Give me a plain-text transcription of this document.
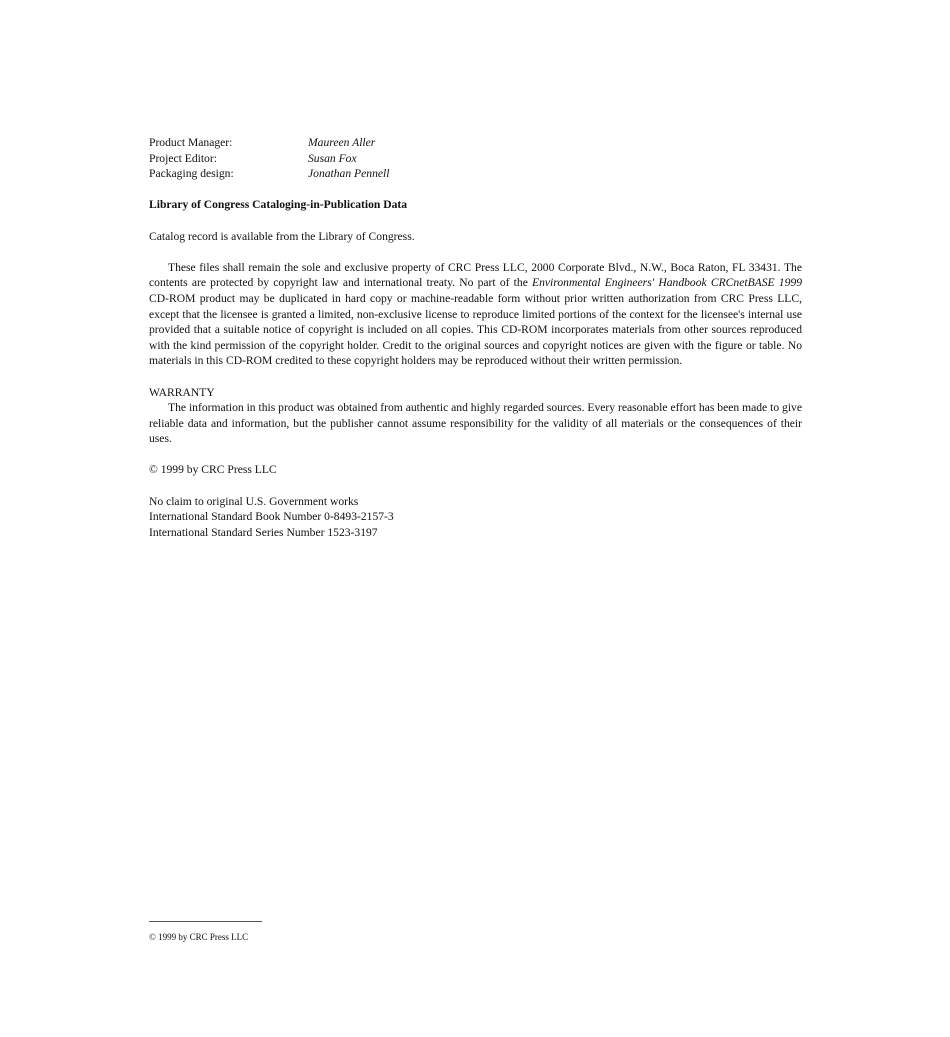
Product Manager:	Maureen Aller
Project Editor:	Susan Fox
Packaging design:	Jonathan Pennell

Library of Congress Cataloging-in-Publication Data

Catalog record is available from the Library of Congress.

These files shall remain the sole and exclusive property of CRC Press LLC, 2000 Corporate Blvd., N.W., Boca Raton, FL 33431. The contents are protected by copyright law and international treaty. No part of the Environmental Engineers' Handbook CRCnetBASE 1999 CD-ROM product may be duplicated in hard copy or machine-readable form without prior written authorization from CRC Press LLC, except that the licensee is granted a limited, non-exclusive license to reproduce limited portions of the context for the licensee's internal use provided that a suitable notice of copyright is included on all copies. This CD-ROM incorporates materials from other sources reproduced with the kind permission of the copyright holder. Credit to the original sources and copyright notices are given with the figure or table. No materials in this CD-ROM credited to these copyright holders may be reproduced without their written permission.

WARRANTY

The information in this product was obtained from authentic and highly regarded sources. Every reasonable effort has been made to give reliable data and information, but the publisher cannot assume responsibility for the validity of all materials or the consequences of their uses.

© 1999 by CRC Press LLC

No claim to original U.S. Government works

International Standard Book Number 0-8493-2157-3

International Standard Series Number 1523-3197

© 1999 by CRC Press LLC
